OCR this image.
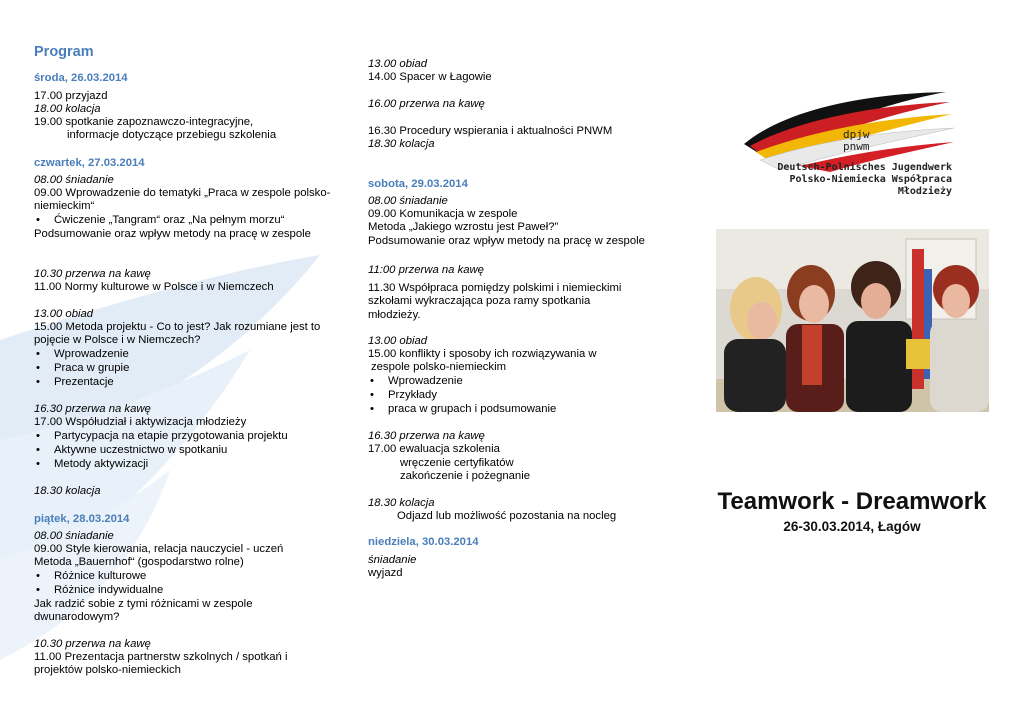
Program
środa, 26.03.2014
17.00 przyjazd
18.00 kolacja
19.00 spotkanie zapoznawczo-integracyjne,
informacje dotyczące przebiegu szkolenia
czwartek, 27.03.2014
08.00 śniadanie
09.00 Wprowadzenie do tematyki „Praca w zespole polsko-niemieckim“
•	Ćwiczenie „Tangram“ oraz „Na pełnym morzu“
Podsumowanie oraz wpływ metody na pracę w zespole
10.30 przerwa na kawę
11.00 Normy kulturowe w Polsce i w Niemczech
13.00 obiad
15.00 Metoda projektu - Co to jest? Jak rozumiane jest to pojęcie w Polsce i w Niemczech?
•	Wprowadzenie
•	Praca w grupie
•	Prezentacje
16.30 przerwa na kawę
17.00 Współudział i aktywizacja młodzieży
•	Partycypacja na etapie przygotowania projektu
•	Aktywne uczestnictwo w spotkaniu
•	Metody aktywizacji
18.30 kolacja
piątek, 28.03.2014
08.00 śniadanie
09.00 Style kierowania, relacja nauczyciel - uczeń
Metoda „Bauernhof“ (gospodarstwo rolne)
•	Różnice kulturowe
•	Różnice indywidualne
Jak radzić sobie z tymi różnicami w zespole dwunarodowym?
10.30 przerwa na kawę
11.00 Prezentacja partnerstw szkolnych / spotkań i projektów polsko-niemieckich
13.00 obiad
14.00 Spacer w Łagowie
16.00 przerwa na kawę
16.30 Procedury wspierania i aktualności PNWM
18.30 kolacja
sobota, 29.03.2014
08.00 śniadanie
09.00 Komunikacja w zespole
Metoda „Jakiego wzrostu jest Paweł?”
Podsumowanie oraz wpływ metody na pracę w zespole
11:00 przerwa na kawę
11.30 Współpraca pomiędzy polskimi i niemieckimi szkołami wykraczająca poza ramy spotkania młodzieży.
13.00 obiad
15.00 konflikty i sposoby ich rozwiązywania w
zespole polsko-niemieckim
•	Wprowadzenie
•	Przykłady
•	praca w grupach i podsumowanie
16.30 przerwa na kawę
17.00 ewaluacja szkolenia
wręczenie certyfikatów
zakończenie i pożegnanie
18.30 kolacja
Odjazd lub możliwość pozostania na nocleg
niedziela, 30.03.2014
śniadanie
wyjazd
dpjw
pnwm
Deutsch-Polnisches Jugendwerk
Polsko-Niemiecka Współpraca Młodzieży
Teamwork - Dreamwork
26-30.03.2014, Łagów
